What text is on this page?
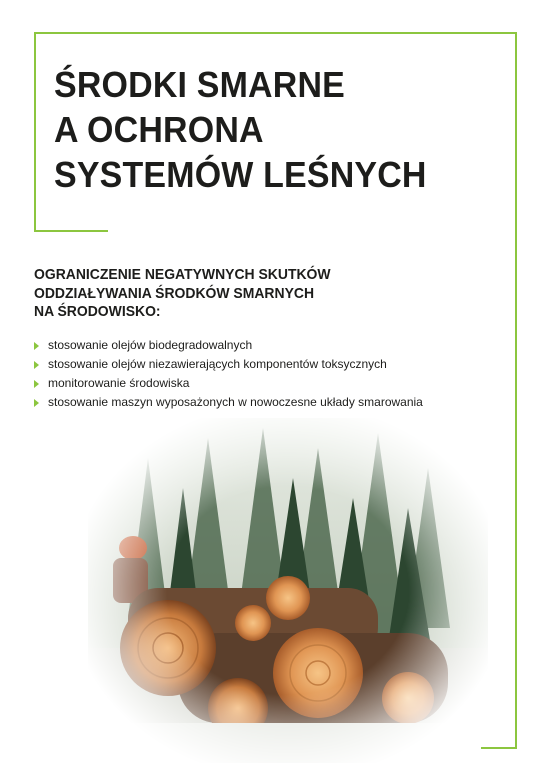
ŚRODKI SMARNE
A OCHRONA
SYSTEMÓW LEŚNYCH
OGRANICZENIE NEGATYWNYCH SKUTKÓW
ODDZIAŁYWANIA ŚRODKÓW SMARNYCH
NA ŚRODOWISKO:
stosowanie olejów biodegradowalnych
stosowanie olejów niezawierających komponentów toksycznych
monitorowanie środowiska
stosowanie maszyn wyposażonych w nowoczesne układy smarowania
